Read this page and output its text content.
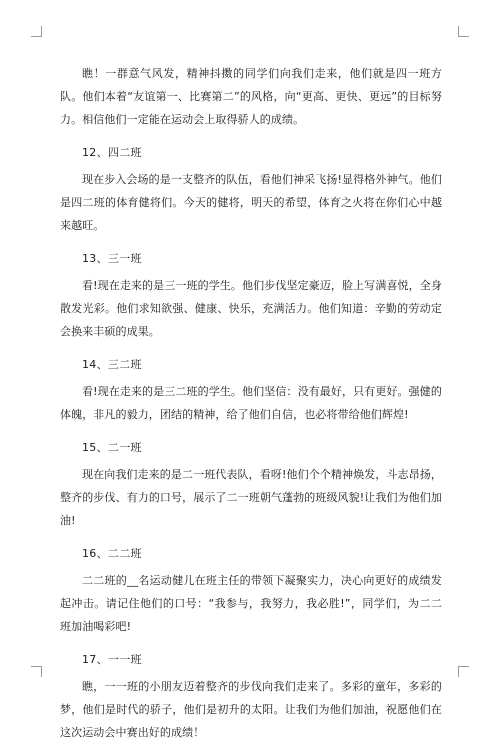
瞧！一群意气风发，精神抖擞的同学们向我们走来，他们就是四一班方队。他们本着“友谊第一、比赛第二”的风格，向“更高、更快、更远”的目标努力。相信他们一定能在运动会上取得骄人的成绩。

12、四二班

现在步入会场的是一支整齐的队伍，看他们神采飞扬!显得格外神气。他们是四二班的体育健将们。今天的健将，明天的希望，体育之火将在你们心中越来越旺。

13、三一班

看!现在走来的是三一班的学生。他们步伐坚定豪迈，脸上写满喜悦，全身散发光彩。他们求知欲强、健康、快乐，充满活力。他们知道：辛勤的劳动定会换来丰硕的成果。

14、三二班

看!现在走来的是三二班的学生。他们坚信：没有最好，只有更好。强健的体魄，非凡的毅力，团结的精神，给了他们自信，也必将带给他们辉煌!

15、二一班

现在向我们走来的是二一班代表队，看呀!他们个个精神焕发，斗志昂扬，整齐的步伐、有力的口号，展示了二一班朝气蓬勃的班级风貌!让我们为他们加油!

16、二二班

二二班的__名运动健儿在班主任的带领下凝聚实力，决心向更好的成绩发起冲击。请记住他们的口号：“我参与，我努力，我必胜!”，同学们，为二二班加油喝彩吧!

17、一一班

瞧，一一班的小朋友迈着整齐的步伐向我们走来了。多彩的童年，多彩的梦，他们是时代的骄子，他们是初升的太阳。让我们为他们加油，祝愿他们在这次运动会中赛出好的成绩！
